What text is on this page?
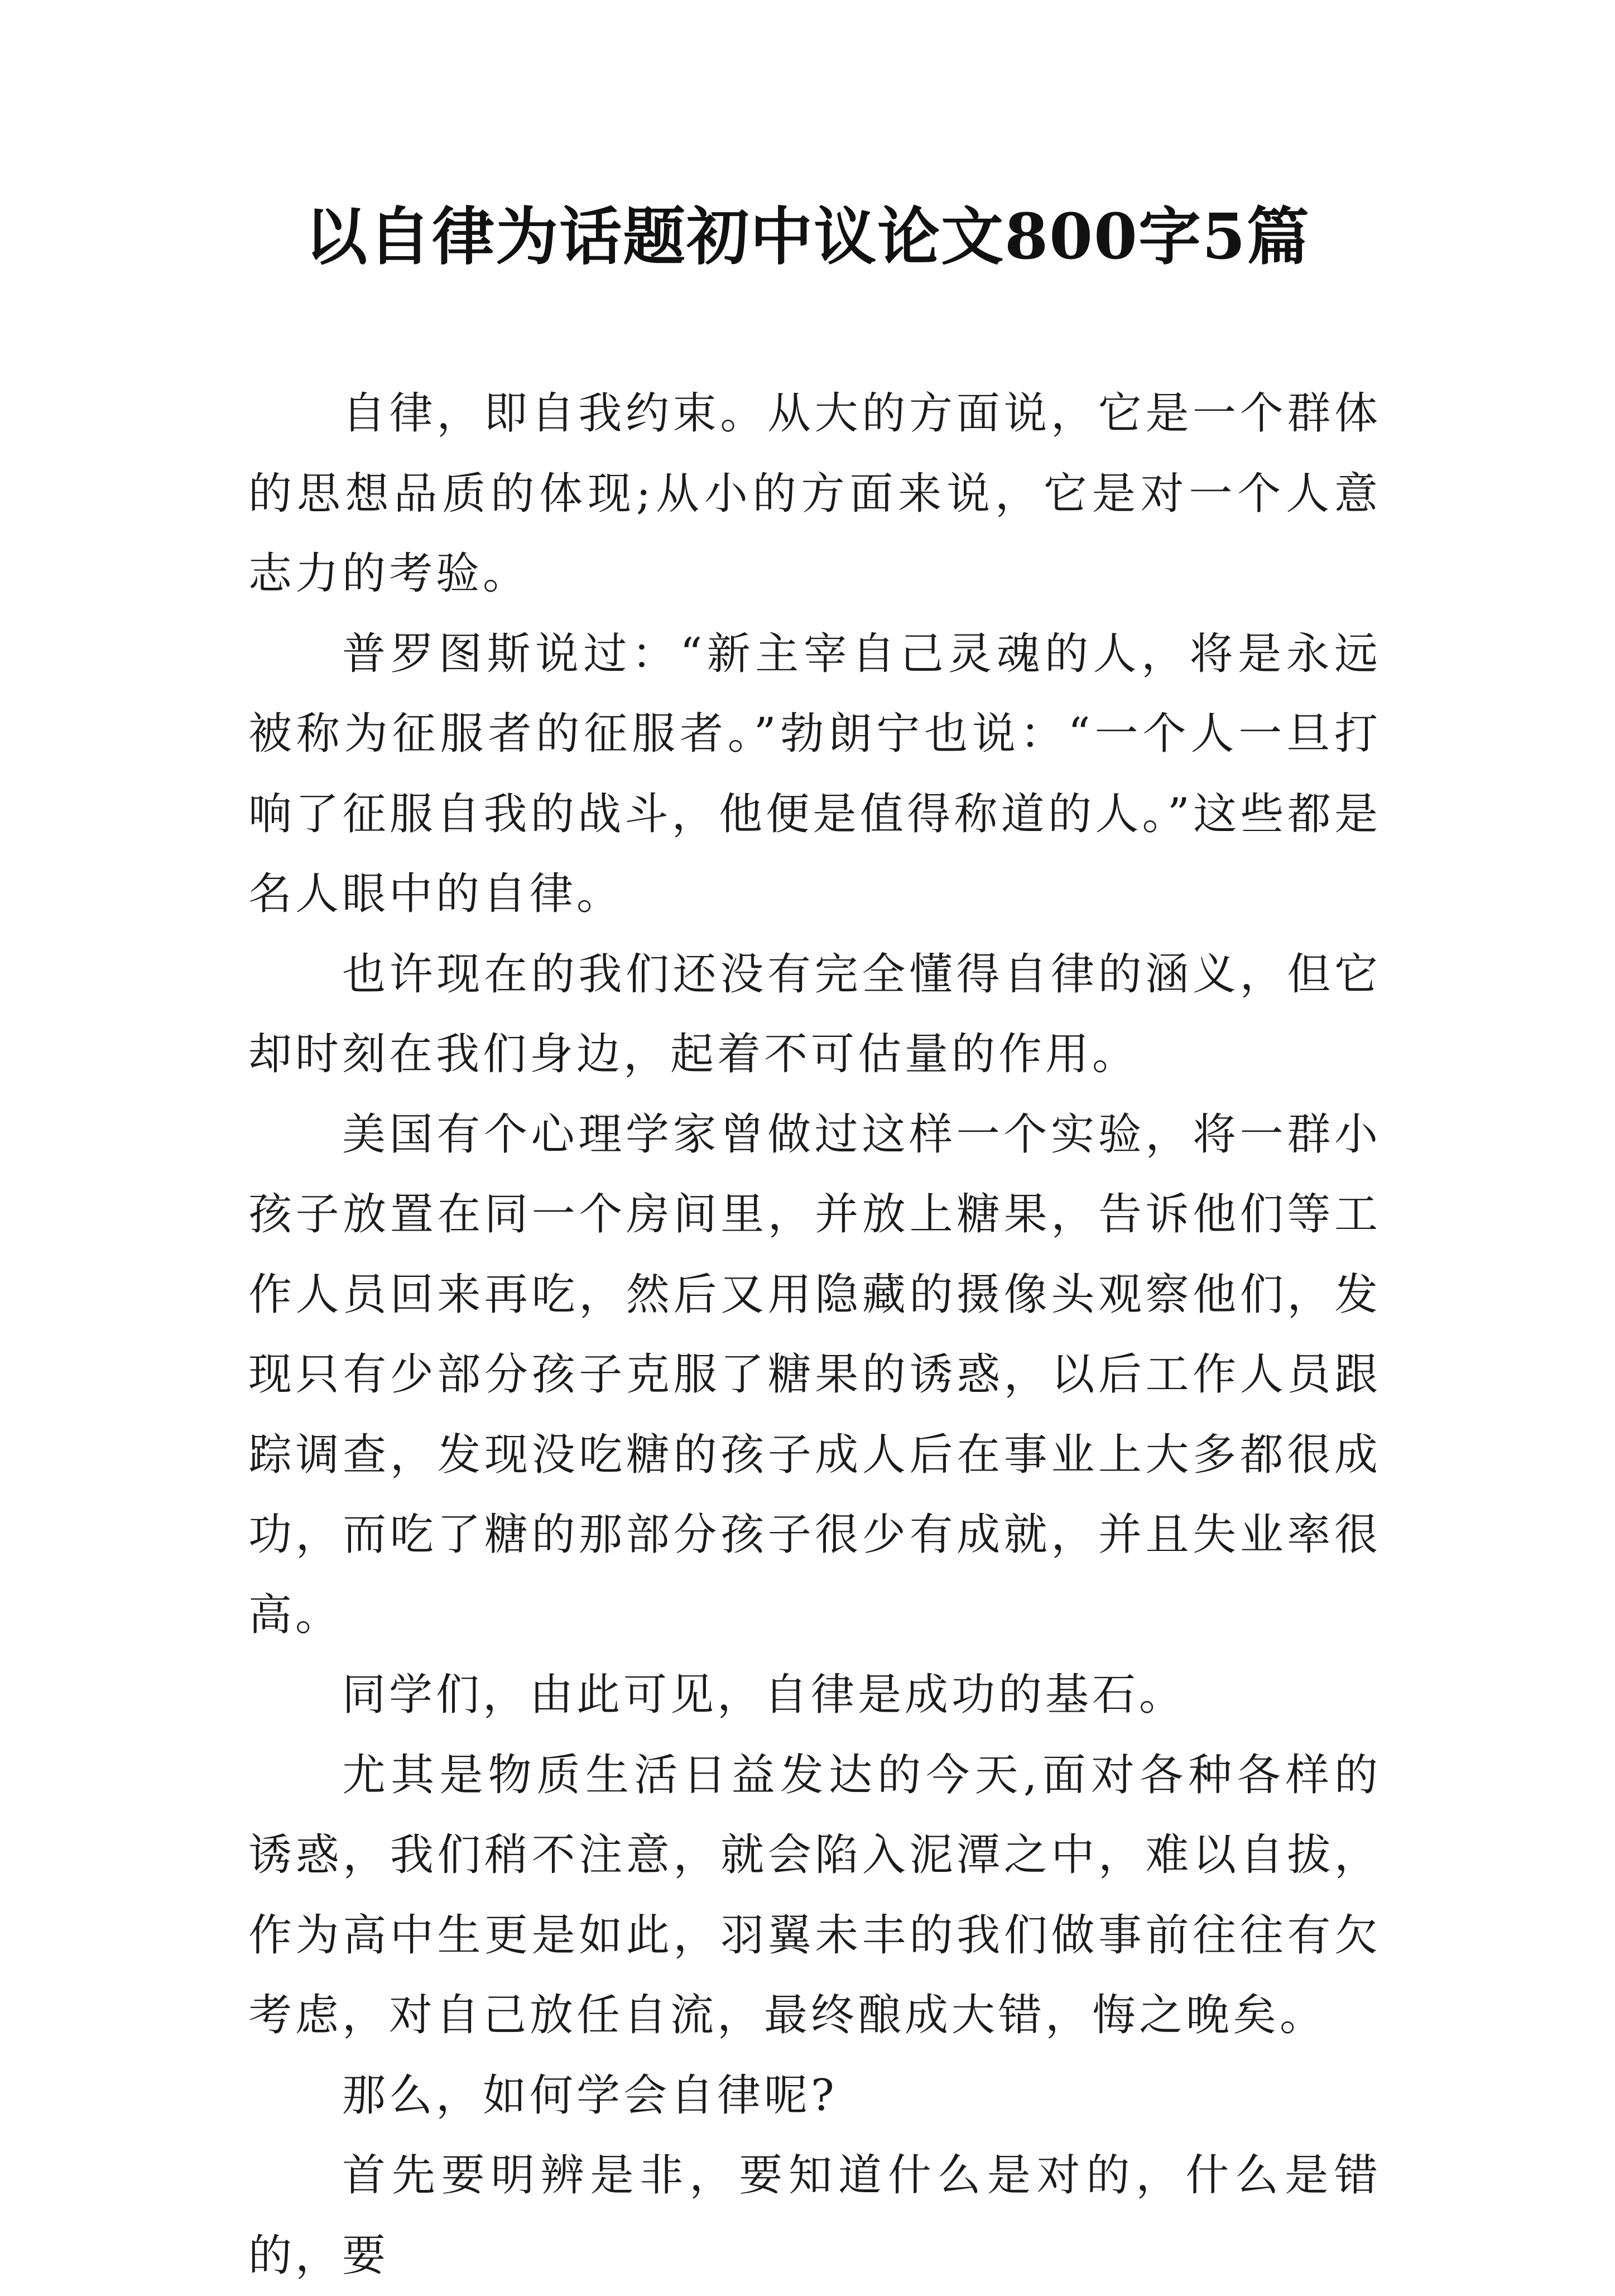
以自律为话题初中议论文800字5篇

自律，即自我约束。从大的方面说，它是一个群体的思想品质的体现;从小的方面来说，它是对一个人意志力的考验。

普罗图斯说过：“新主宰自己灵魂的人，将是永远被称为征服者的征服者。”勃朗宁也说：“一个人一旦打响了征服自我的战斗，他便是值得称道的人。”这些都是名人眼中的自律。

也许现在的我们还没有完全懂得自律的涵义，但它却时刻在我们身边，起着不可估量的作用。

美国有个心理学家曾做过这样一个实验，将一群小孩子放置在同一个房间里，并放上糖果，告诉他们等工作人员回来再吃，然后又用隐藏的摄像头观察他们，发现只有少部分孩子克服了糖果的诱惑，以后工作人员跟踪调查，发现没吃糖的孩子成人后在事业上大多都很成功，而吃了糖的那部分孩子很少有成就，并且失业率很高。

同学们，由此可见，自律是成功的基石。

尤其是物质生活日益发达的今天,面对各种各样的诱惑，我们稍不注意，就会陷入泥潭之中，难以自拔，作为高中生更是如此，羽翼未丰的我们做事前往往有欠考虑，对自己放任自流，最终酿成大错，悔之晚矣。

那么，如何学会自律呢?

首先要明辨是非，要知道什么是对的，什么是错的，要
